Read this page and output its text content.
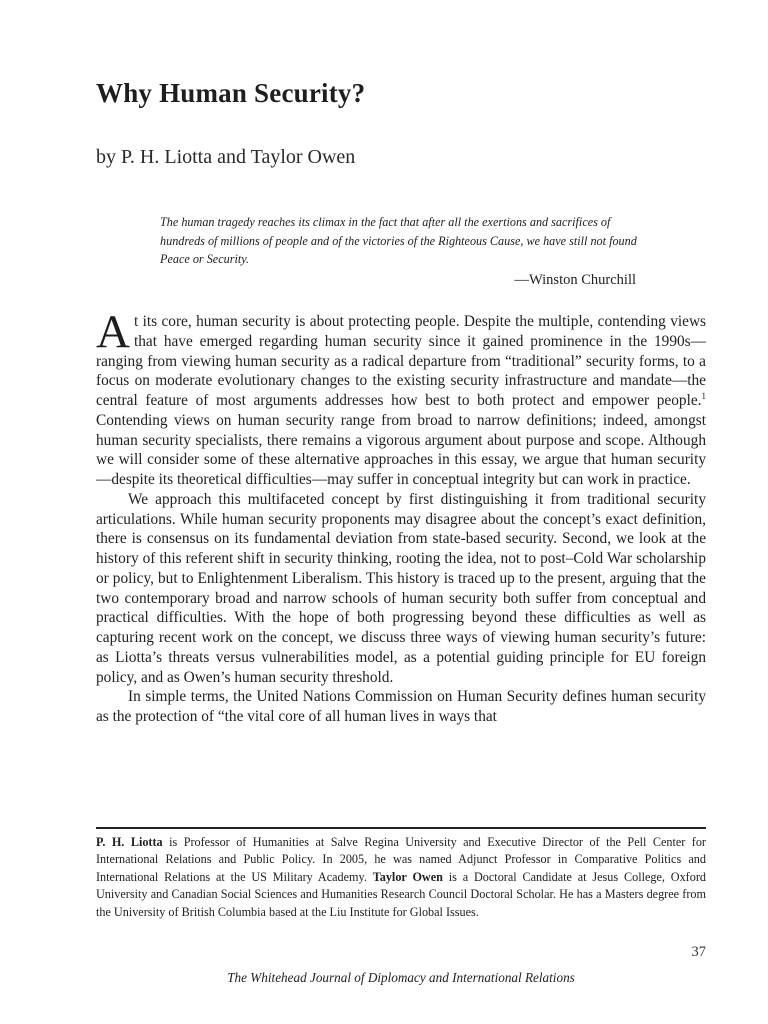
Why Human Security?
by P. H. Liotta and Taylor Owen

The human tragedy reaches its climax in the fact that after all the exertions and sacrifices of hundreds of millions of people and of the victories of the Righteous Cause, we have still not found Peace or Security.

—Winston Churchill

At its core, human security is about protecting people. Despite the multiple, contending views that have emerged regarding human security since it gained prominence in the 1990s—ranging from viewing human security as a radical departure from “traditional” security forms, to a focus on moderate evolutionary changes to the existing security infrastructure and mandate—the central feature of most arguments addresses how best to both protect and empower people.$^1$ Contending views on human security range from broad to narrow definitions; indeed, amongst human security specialists, there remains a vigorous argument about purpose and scope. Although we will consider some of these alternative approaches in this essay, we argue that human security—despite its theoretical difficulties—may suffer in conceptual integrity but can work in practice.

We approach this multifaceted concept by first distinguishing it from traditional security articulations. While human security proponents may disagree about the concept’s exact definition, there is consensus on its fundamental deviation from state-based security. Second, we look at the history of this referent shift in security thinking, rooting the idea, not to post–Cold War scholarship or policy, but to Enlightenment Liberalism. This history is traced up to the present, arguing that the two contemporary broad and narrow schools of human security both suffer from conceptual and practical difficulties. With the hope of both progressing beyond these difficulties as well as capturing recent work on the concept, we discuss three ways of viewing human security’s future: as Liotta’s threats versus vulnerabilities model, as a potential guiding principle for EU foreign policy, and as Owen’s human security threshold.

In simple terms, the United Nations Commission on Human Security defines human security as the protection of “the vital core of all human lives in ways that

P. H. Liotta is Professor of Humanities at Salve Regina University and Executive Director of the Pell Center for International Relations and Public Policy. In 2005, he was named Adjunct Professor in Comparative Politics and International Relations at the US Military Academy. Taylor Owen is a Doctoral Candidate at Jesus College, Oxford University and Canadian Social Sciences and Humanities Research Council Doctoral Scholar. He has a Masters degree from the University of British Columbia based at the Liu Institute for Global Issues.

37

The Whitehead Journal of Diplomacy and International Relations
